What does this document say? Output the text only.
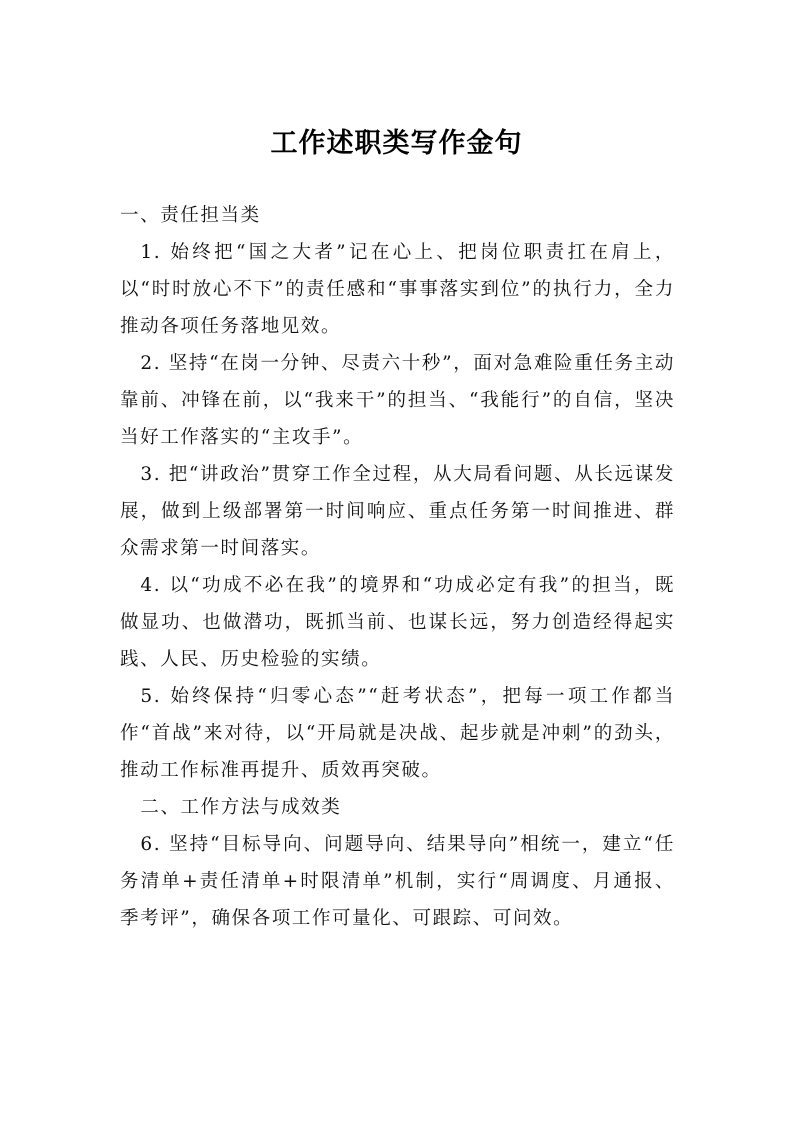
工作述职类写作金句

一、责任担当类

1. 始终把“国之大者”记在心上、把岗位职责扛在肩上，以“时时放心不下”的责任感和“事事落实到位”的执行力，全力推动各项任务落地见效。

2. 坚持“在岗一分钟、尽责六十秒”，面对急难险重任务主动靠前、冲锋在前，以“我来干”的担当、“我能行”的自信，坚决当好工作落实的“主攻手”。

3. 把“讲政治”贯穿工作全过程，从大局看问题、从长远谋发展，做到上级部署第一时间响应、重点任务第一时间推进、群众需求第一时间落实。

4. 以“功成不必在我”的境界和“功成必定有我”的担当，既做显功、也做潜功，既抓当前、也谋长远，努力创造经得起实践、人民、历史检验的实绩。

5. 始终保持“归零心态”“赶考状态”，把每一项工作都当作“首战”来对待，以“开局就是决战、起步就是冲刺”的劲头，推动工作标准再提升、质效再突破。

二、工作方法与成效类

6. 坚持“目标导向、问题导向、结果导向”相统一，建立“任务清单+责任清单+时限清单”机制，实行“周调度、月通报、季考评”，确保各项工作可量化、可跟踪、可问效。
